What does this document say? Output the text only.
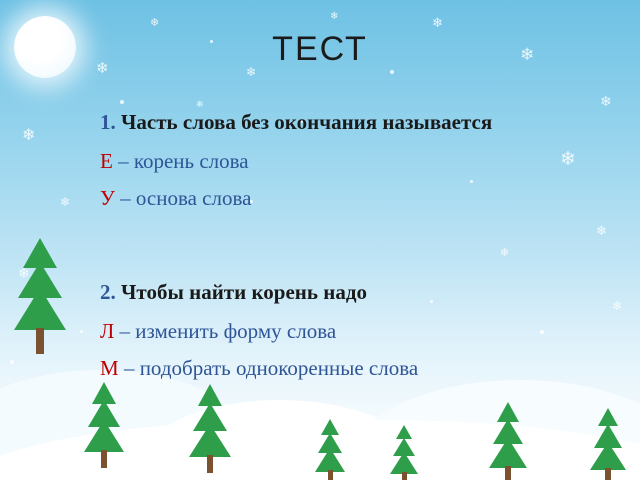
❄
❄
❄
❄
❄
❄
❄
❄
❄
❄
❄
❄
❄
❄
❄
ТЕСТ
1. Часть слова без окончания называется
Е – корень слова
У – основа слова
2. Чтобы найти корень надо
Л – изменить форму слова
М – подобрать однокоренные слова
